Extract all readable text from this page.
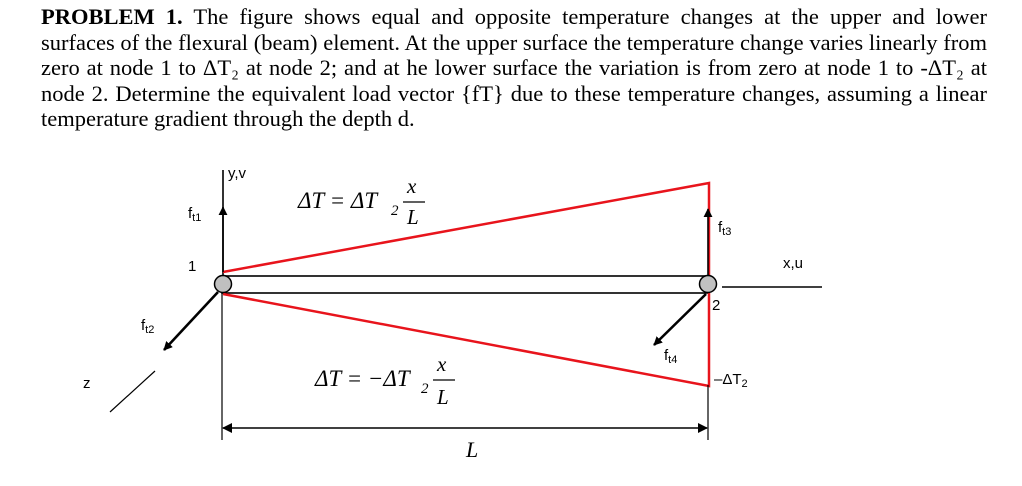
PROBLEM 1. The figure shows equal and opposite temperature changes at the upper and lower surfaces of the flexural (beam) element. At the upper surface the temperature change varies linearly from zero at node 1 to ΔT₂ at node 2; and at he lower surface the variation is from zero at node 1 to -ΔT₂ at node 2. Determine the equivalent load vector {fT} due to these temperature changes, assuming a linear temperature gradient through the depth d.

y,v
x,u
z
1
2
$f_{t1}$
$f_{t2}$
$f_{t3}$
$f_{t4}$
ΔT = ΔT 2
x
L
ΔT = −ΔT 2
x
L
$-\Delta T_2$
L
